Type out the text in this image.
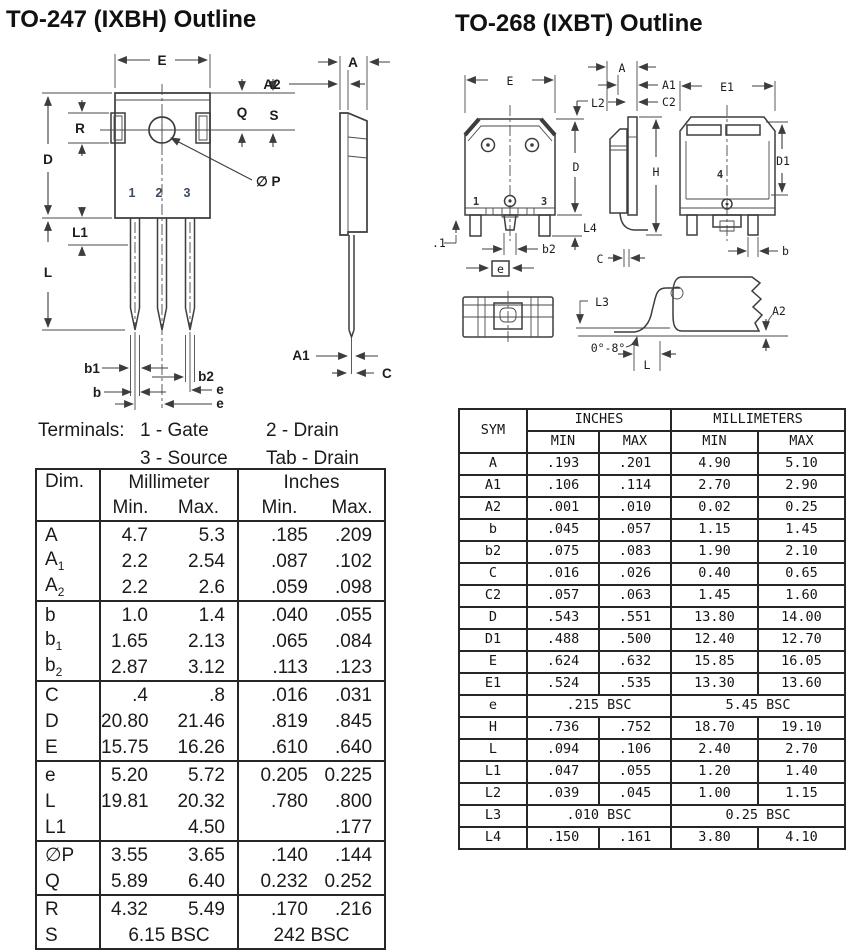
TO-247 (IXBH) Outline	TO-268 (IXBT) Outline
1 2 3
E
D
R
L1
L
Q S
∅ P
A
A2
A1
C
b1
b
b2
e
e
1	3
E
L2
D
L4
.1	b2
e
A
A1
C2
H
C
4
E1
D1
b
L3
0°-8°
L
A2
Terminals: 1 - Gate	2 - Drain
3 - Source	Tab - Drain
Dim.	Millimeter		Inches	
	Min.	Max.	Min.	Max.
A	4.7	5.3	.185	.209
$A_1$	2.2	2.54	.087	.102
$A_2$	2.2	2.6	.059	.098
b	1.0	1.4	.040	.055
$b_1$	1.65	2.13	.065	.084
$b_2$	2.87	3.12	.113	.123
C	.4	.8	.016	.031
D	20.80	21.46	.819	.845
E	15.75	16.26	.610	.640
e	5.20	5.72	0.205	0.225
L	19.81	20.32	.780	.800
L1		4.50		.177
∅P	3.55	3.65	.140	.144
Q	5.89	6.40	0.232	0.252
R	4.32	5.49	.170	.216
S	6.15 BSC		242 BSC	
SYM	INCHES		MILLIMETERS	
	MIN	MAX	MIN	MAX
A	.193	.201	4.90	5.10
A1	.106	.114	2.70	2.90
A2	.001	.010	0.02	0.25
b	.045	.057	1.15	1.45
b2	.075	.083	1.90	2.10
C	.016	.026	0.40	0.65
C2	.057	.063	1.45	1.60
D	.543	.551	13.80	14.00
D1	.488	.500	12.40	12.70
E	.624	.632	15.85	16.05
E1	.524	.535	13.30	13.60
e	.215 BSC		5.45 BSC	
H	.736	.752	18.70	19.10
L	.094	.106	2.40	2.70
L1	.047	.055	1.20	1.40
L2	.039	.045	1.00	1.15
L3	.010 BSC		0.25 BSC	
L4	.150	.161	3.80	4.10
